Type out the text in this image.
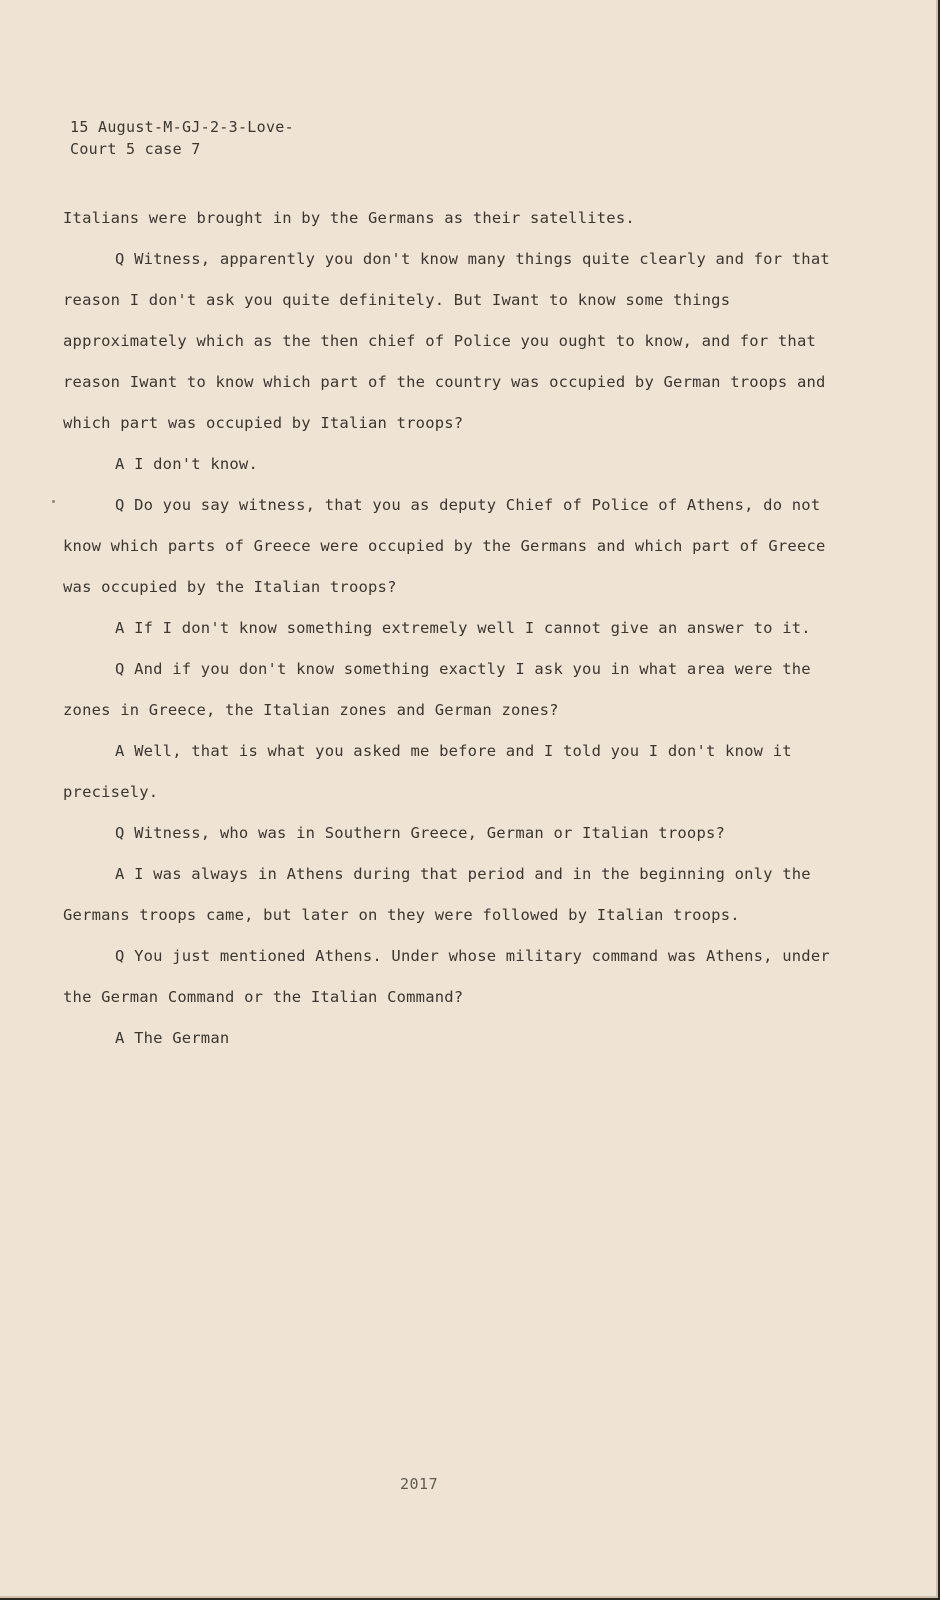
15 August-M-GJ-2-3-Love-
Court 5 case 7

Italians were brought in by the Germans as their satellites.

Q Witness, apparently you don't know many things quite clearly and for that reason I don't ask you quite definitely. But Iwant to know some things approximately which as the then chief of Police you ought to know, and for that reason Iwant to know which part of the country was occupied by German troops and which part was occupied by Italian troops?

A I don't know.

Q Do you say witness, that you as deputy Chief of Police of Athens, do not know which parts of Greece were occupied by the Germans and which part of Greece was occupied by the Italian troops?

A If I don't know something extremely well I cannot give an answer to it.

Q And if you don't know something exactly I ask you in what area were the zones in Greece, the Italian zones and German zones?

A Well, that is what you asked me before and I told you I don't know it precisely.

Q Witness, who was in Southern Greece, German or Italian troops?

A I was always in Athens during that period and in the beginning only the Germans troops came, but later on they were followed by Italian troops.

Q You just mentioned Athens. Under whose military command was Athens, under the German Command or the Italian Command?

A The German

2017
